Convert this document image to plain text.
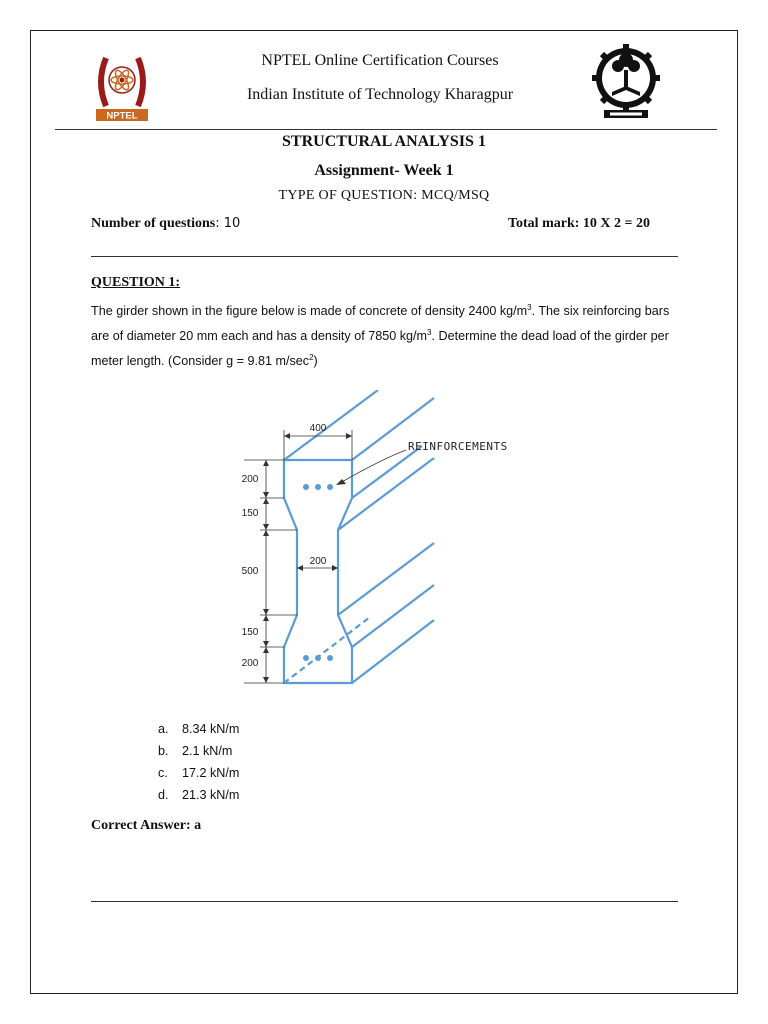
NPTEL
NPTEL Online Certification Courses
Indian Institute of Technology Kharagpur
STRUCTURAL ANALYSIS 1
Assignment- Week 1
TYPE OF QUESTION: MCQ/MSQ
Number of questions: 10	Total mark: 10 X 2 = 20
QUESTION 1:
The girder shown in the figure below is made of concrete of density 2400 $kg/m^3$. The six reinforcing bars are of diameter 20 mm each and has a density of 7850 $kg/m^3$. Determine the dead load of the girder per meter length. (Consider g = 9.81 $m/\sec^2$)
400
200
200
150
500
150
200
REINFORCEMENTS
a.	8.34 kN/m
b.	2.1 kN/m
c.	17.2 kN/m
d.	21.3 kN/m
Correct Answer: a
